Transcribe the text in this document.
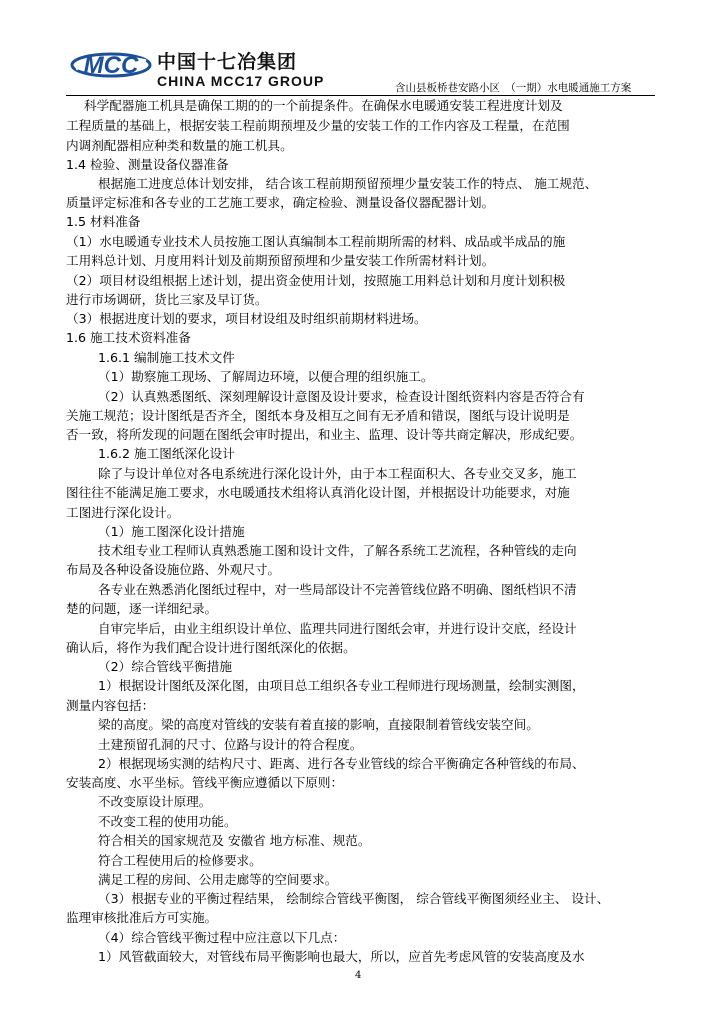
MCC 中国十七冶集团
CHINA MCC17 GROUP	含山县板桥巷安路小区　（一期）水电暖通施工方案
科学配器施工机具是确保工期的的一个前提条件。在确保水电暖通安装工程进度计划及
工程质量的基础上，根据安装工程前期预埋及少量的安装工作的工作内容及工程量，在范围
内调剂配器相应种类和数量的施工机具。
1.4 检验、测量设备仪器准备
根据施工进度总体计划安排， 结合该工程前期预留预埋少量安装工作的特点、 施工规范、
质量评定标准和各专业的工艺施工要求，确定检验、测量设备仪器配器计划。
1.5 材料准备
（1）水电暖通专业技术人员按施工图认真编制本工程前期所需的材料、成品或半成品的施
工用料总计划、月度用料计划及前期预留预埋和少量安装工作所需材料计划。
（2）项目材设组根据上述计划，提出资金使用计划，按照施工用料总计划和月度计划积极
进行市场调研，货比三家及早订货。
（3）根据进度计划的要求，项目材设组及时组织前期材料进场。
1.6 施工技术资料准备
1.6.1 编制施工技术文件
（1）勘察施工现场、了解周边环境，以便合理的组织施工。
（2）认真熟悉图纸、深刻理解设计意图及设计要求，检查设计图纸资料内容是否符合有
关施工规范；设计图纸是否齐全，图纸本身及相互之间有无矛盾和错误，图纸与设计说明是
否一致，将所发现的问题在图纸会审时提出，和业主、监理、设计等共商定解决，形成纪要。
1.6.2 施工图纸深化设计
除了与设计单位对各电系统进行深化设计外，由于本工程面积大、各专业交叉多，施工
图往往不能满足施工要求，水电暖通技术组将认真消化设计图，并根据设计功能要求，对施
工图进行深化设计。
（1）施工图深化设计措施
技术组专业工程师认真熟悉施工图和设计文件，了解各系统工艺流程，各种管线的走向
布局及各种设备设施位路、外观尺寸。
各专业在熟悉消化图纸过程中，对一些局部设计不完善管线位路不明确、图纸档识不清
楚的问题，逐一详细纪录。
自审完毕后，由业主组织设计单位、监理共同进行图纸会审，并进行设计交底，经设计
确认后，将作为我们配合设计进行图纸深化的依据。
（2）综合管线平衡措施
1）根据设计图纸及深化图，由项目总工组织各专业工程师进行现场测量，绘制实测图，
测量内容包括：
梁的高度。梁的高度对管线的安装有着直接的影响，直接限制着管线安装空间。
土建预留孔洞的尺寸、位路与设计的符合程度。
2）根据现场实测的结构尺寸、距离、进行各专业管线的综合平衡确定各种管线的布局、
安装高度、水平坐标。管线平衡应遵循以下原则：
不改变原设计原理。
不改变工程的使用功能。
符合相关的国家规范及 安徽省 地方标准、规范。
符合工程使用后的检修要求。
满足工程的房间、公用走廊等的空间要求。
（3）根据专业的平衡过程结果， 绘制综合管线平衡图， 综合管线平衡图须经业主、 设计、
监理审核批准后方可实施。
（4）综合管线平衡过程中应注意以下几点：
1）风管截面较大，对管线布局平衡影响也最大，所以，应首先考虑风管的安装高度及水
4
